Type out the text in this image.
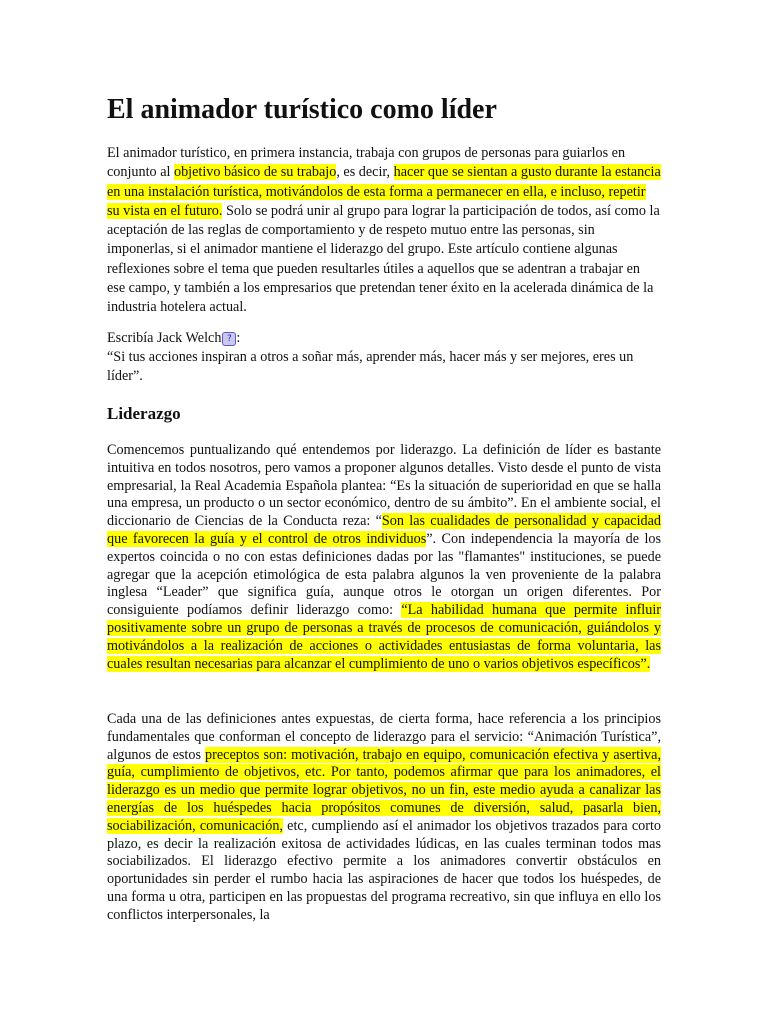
El animador turístico como líder

El animador turístico, en primera instancia, trabaja con grupos de personas para guiarlos en conjunto al objetivo básico de su trabajo, es decir, hacer que se sientan a gusto durante la estancia en una instalación turística, motivándolos de esta forma a permanecer en ella, e incluso, repetir su vista en el futuro. Solo se podrá unir al grupo para lograr la participación de todos, así como la aceptación de las reglas de comportamiento y de respeto mutuo entre las personas, sin imponerlas, si el animador mantiene el liderazgo del grupo. Este artículo contiene algunas reflexiones sobre el tema que pueden resultarles útiles a aquellos que se adentran a trabajar en ese campo, y también a los empresarios que pretendan tener éxito en la acelerada dinámica de la industria hotelera actual.

Escribía Jack Welch ? :
“Si tus acciones inspiran a otros a soñar más, aprender más, hacer más y ser mejores, eres un líder”.

Liderazgo

Comencemos puntualizando qué entendemos por liderazgo. La definición de líder es bastante intuitiva en todos nosotros, pero vamos a proponer algunos detalles. Visto desde el punto de vista empresarial, la Real Academia Española plantea: “Es la situación de superioridad en que se halla una empresa, un producto o un sector económico, dentro de su ámbito”. En el ambiente social, el diccionario de Ciencias de la Conducta reza: “Son las cualidades de personalidad y capacidad que favorecen la guía y el control de otros individuos”. Con independencia la mayoría de los expertos coincida o no con estas definiciones dadas por las "flamantes" instituciones, se puede agregar que la acepción etimológica de esta palabra algunos la ven proveniente de la palabra inglesa “Leader” que significa guía, aunque otros le otorgan un origen diferentes. Por consiguiente podíamos definir liderazgo como: “La habilidad humana que permite influir positivamente sobre un grupo de personas a través de procesos de comunicación, guiándolos y motivándolos a la realización de acciones o actividades entusiastas de forma voluntaria, las cuales resultan necesarias para alcanzar el cumplimiento de uno o varios objetivos específicos”.

Cada una de las definiciones antes expuestas, de cierta forma, hace referencia a los principios fundamentales que conforman el concepto de liderazgo para el servicio: “Animación Turística”, algunos de estos preceptos son: motivación, trabajo en equipo, comunicación efectiva y asertiva, guía, cumplimiento de objetivos, etc. Por tanto, podemos afirmar que para los animadores, el liderazgo es un medio que permite lograr objetivos, no un fin, este medio ayuda a canalizar las energías de los huéspedes hacia propósitos comunes de diversión, salud, pasarla bien, sociabilización, comunicación, etc, cumpliendo así el animador los objetivos trazados para corto plazo, es decir la realización exitosa de actividades lúdicas, en las cuales terminan todos mas sociabilizados. El liderazgo efectivo permite a los animadores convertir obstáculos en oportunidades sin perder el rumbo hacia las aspiraciones de hacer que todos los huéspedes, de una forma u otra, participen en las propuestas del programa recreativo, sin que influya en ello los conflictos interpersonales, la
